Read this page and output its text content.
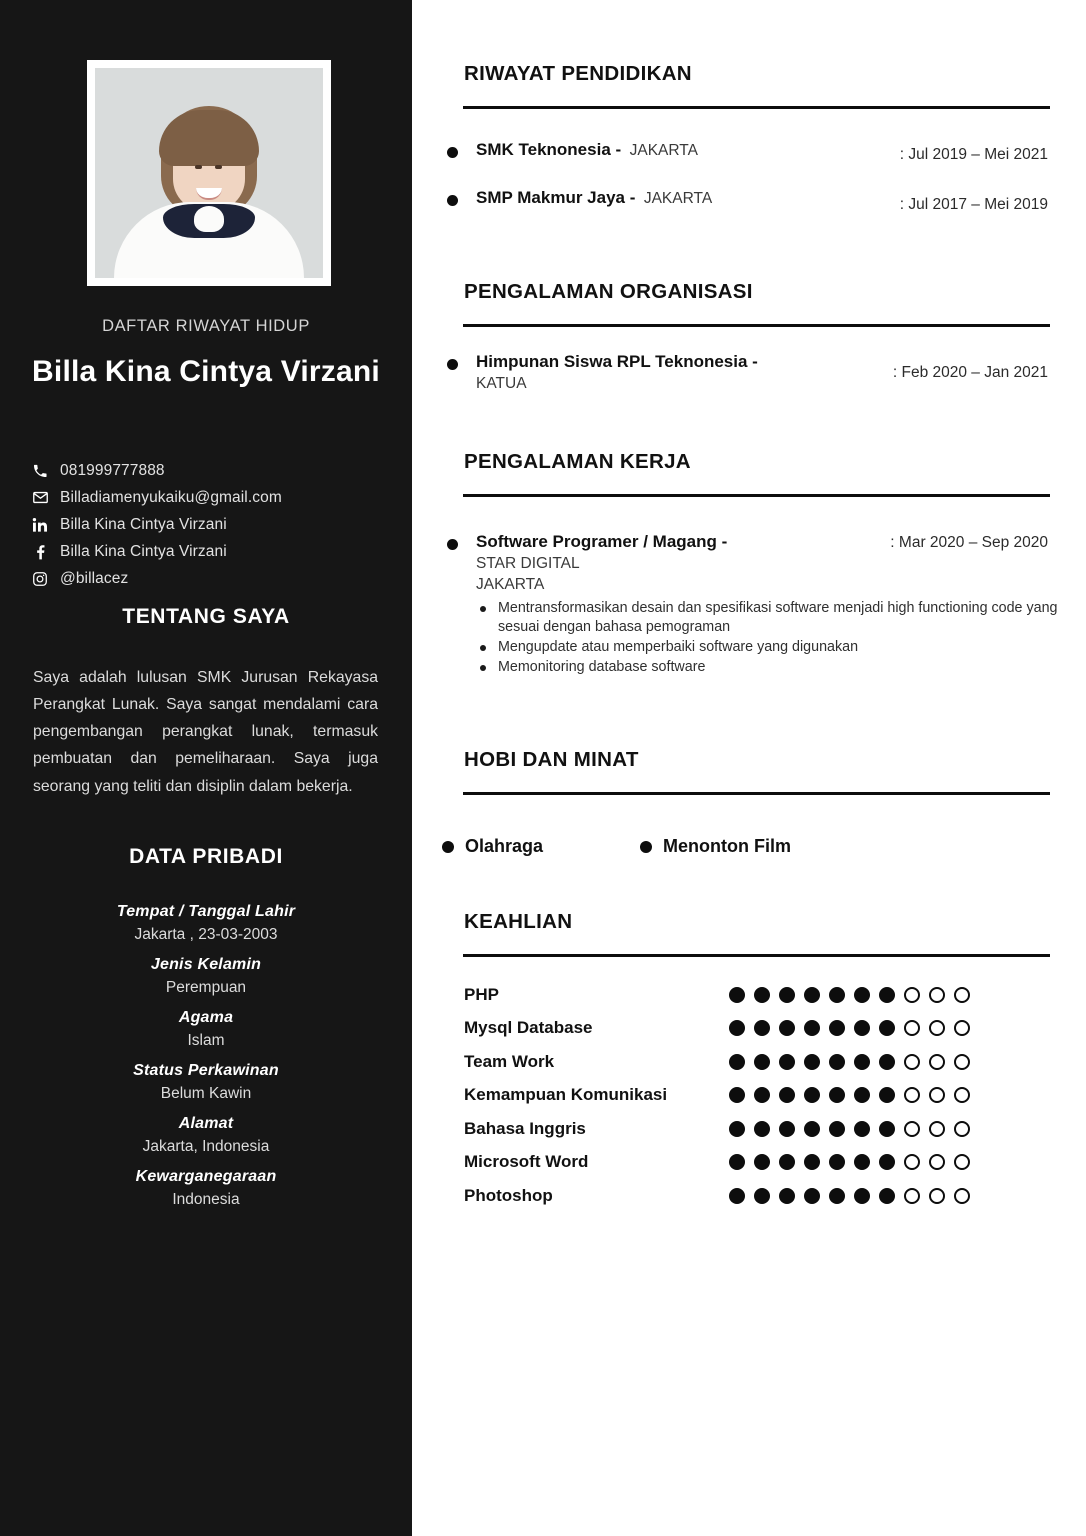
DAFTAR RIWAYAT HIDUP
Billa Kina Cintya Virzani
081999777888
Billadiamenyukaiku@gmail.com
Billa Kina Cintya Virzani
Billa Kina Cintya Virzani
@billacez
TENTANG SAYA
Saya adalah lulusan SMK Jurusan Rekayasa Perangkat Lunak. Saya sangat mendalami cara pengembangan perangkat lunak, termasuk pembuatan dan pemeliharaan. Saya juga seorang yang teliti dan disiplin dalam bekerja.
DATA PRIBADI
Tempat / Tanggal Lahir
Jakarta , 23-03-2003
Jenis Kelamin
Perempuan
Agama
Islam
Status Perkawinan
Belum Kawin
Alamat
Jakarta, Indonesia
Kewarganegaraan
Indonesia
RIWAYAT PENDIDIKAN
SMK Teknonesia - JAKARTA	: Jul 2019 – Mei 2021
SMP Makmur Jaya - JAKARTA	: Jul 2017 – Mei 2019
PENGALAMAN ORGANISASI
Himpunan Siswa RPL Teknonesia -
KATUA
: Feb 2020 – Jan 2021
PENGALAMAN KERJA
Software Programer / Magang -
STAR DIGITAL
JAKARTA
: Mar 2020 – Sep 2020
Mentransformasikan desain dan spesifikasi software menjadi high functioning code yang sesuai dengan bahasa pemograman
Mengupdate atau memperbaiki software yang digunakan
Memonitoring database software
HOBI DAN MINAT
Olahraga	Menonton Film
KEAHLIAN
PHP
Mysql Database
Team Work
Kemampuan Komunikasi
Bahasa Inggris
Microsoft Word
Photoshop
